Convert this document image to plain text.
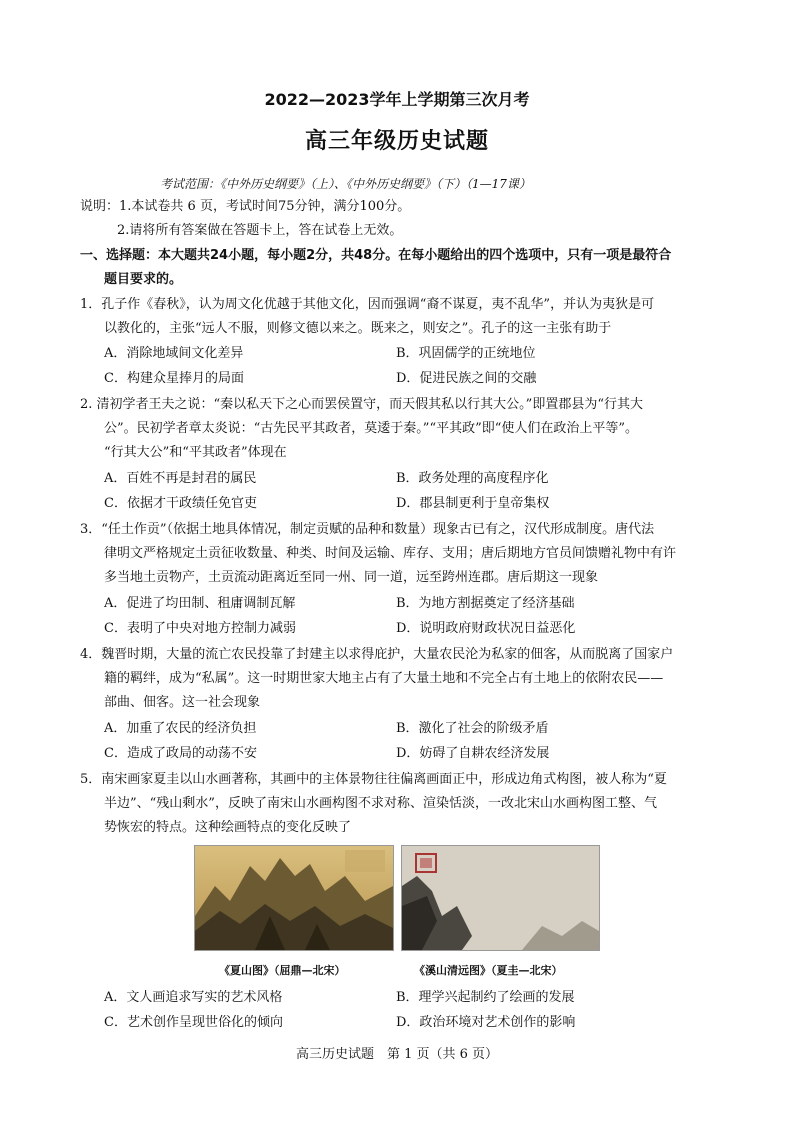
2022—2023学年上学期第三次月考
高三年级历史试题
考试范围：《中外历史纲要》（上）、《中外历史纲要》（下）（1—17课）
说明：1.本试卷共 6 页，考试时间75分钟，满分100分。
2.请将所有答案做在答题卡上，答在试卷上无效。
一、选择题：本大题共24小题，每小题2分，共48分。在每小题给出的四个选项中，只有一项是最符合
题目要求的。
1．孔子作《春秋》，认为周文化优越于其他文化，因而强调“裔不谋夏，夷不乱华”，并认为夷狄是可
以教化的，主张“远人不服，则修文德以来之。既来之，则安之”。孔子的这一主张有助于
A．消除地域间文化差异	B．巩固儒学的正统地位
C．构建众星捧月的局面	D．促进民族之间的交融
2. 清初学者王夫之说：“秦以私天下之心而罢侯置守，而天假其私以行其大公。”即置郡县为“行其大
公”。民初学者章太炎说：“古先民平其政者，莫逶于秦。”“平其政”即“使人们在政治上平等”。
“行其大公”和“平其政者”体现在
A．百姓不再是封君的属民	B．政务处理的高度程序化
C．依据才干政绩任免官吏	D．郡县制更利于皇帝集权
3．“任土作贡”（依据土地具体情况，制定贡赋的品种和数量）现象古已有之，汉代形成制度。唐代法
律明文严格规定土贡征收数量、种类、时间及运输、库存、支用；唐后期地方官员间馈赠礼物中有许
多当地土贡物产，土贡流动距离近至同一州、同一道，远至跨州连郡。唐后期这一现象
A．促进了均田制、租庸调制瓦解	B．为地方割据奠定了经济基础
C．表明了中央对地方控制力减弱	D．说明政府财政状况日益恶化
4．魏晋时期，大量的流亡农民投靠了封建主以求得庇护，大量农民沦为私家的佃客，从而脱离了国家户
籍的羁绊，成为“私属”。这一时期世家大地主占有了大量土地和不完全占有土地上的依附农民——
部曲、佃客。这一社会现象
A．加重了农民的经济负担	B．激化了社会的阶级矛盾
C．造成了政局的动荡不安	D．妨碍了自耕农经济发展
5．南宋画家夏圭以山水画著称，其画中的主体景物往往偏离画面正中，形成边角式构图，被人称为“夏
半边”、“残山剩水”，反映了南宋山水画构图不求对称、渲染恬淡，一改北宋山水画构图工整、气
势恢宏的特点。这种绘画特点的变化反映了
《夏山图》（屈鼎—北宋）	《溪山清远图》（夏圭—北宋）
A．文人画追求写实的艺术风格	B．理学兴起制约了绘画的发展
C．艺术创作呈现世俗化的倾向	D．政治环境对艺术创作的影响
高三历史试题　第 1 页（共 6 页）
